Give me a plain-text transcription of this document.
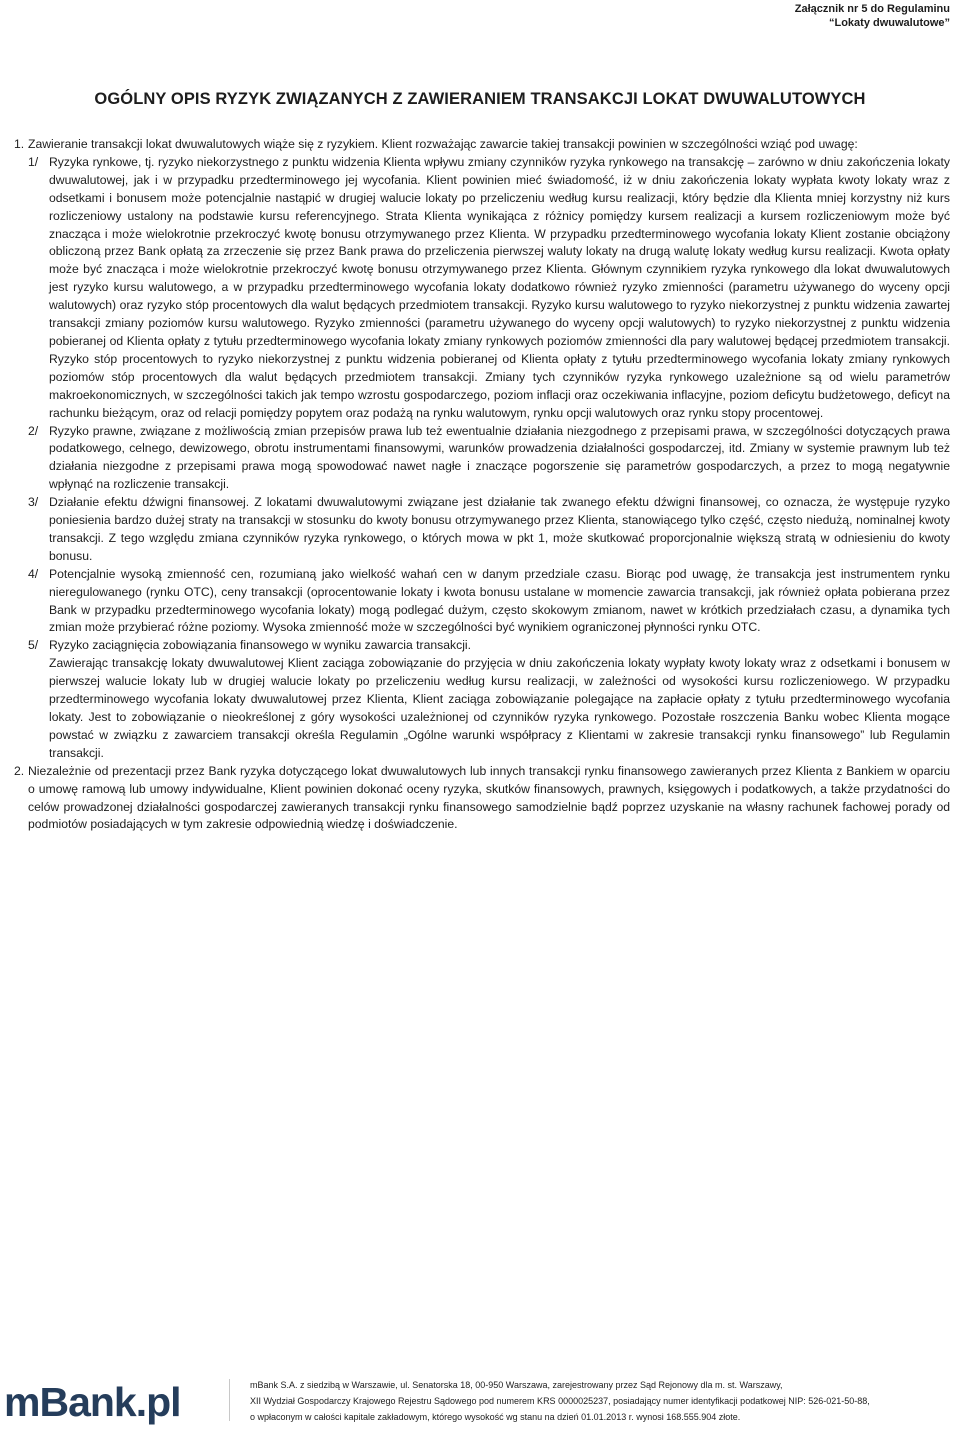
Załącznik nr 5 do Regulaminu
“Lokaty dwuwalutowe”
OGÓLNY OPIS RYZYK ZWIĄZANYCH Z ZAWIERANIEM TRANSAKCJI LOKAT DWUWALUTOWYCH
1. Zawieranie transakcji lokat dwuwalutowych wiąże się z ryzykiem. Klient rozważając zawarcie takiej transakcji powinien w szczególności wziąć pod uwagę:
1/ Ryzyka rynkowe, tj. ryzyko niekorzystnego z punktu widzenia Klienta wpływu zmiany czynników ryzyka rynkowego na transakcję – zarówno w dniu zakończenia lokaty dwuwalutowej, jak i w przypadku przedterminowego jej wycofania. Klient powinien mieć świadomość, iż w dniu zakończenia lokaty wypłata kwoty lokaty wraz z odsetkami i bonusem może potencjalnie nastąpić w drugiej walucie lokaty po przeliczeniu według kursu realizacji, który będzie dla Klienta mniej korzystny niż kurs rozliczeniowy ustalony na podstawie kursu referencyjnego. Strata Klienta wynikająca z różnicy pomiędzy kursem realizacji a kursem rozliczeniowym może być znacząca i może wielokrotnie przekroczyć kwotę bonusu otrzymywanego przez Klienta. W przypadku przedterminowego wycofania lokaty Klient zostanie obciążony obliczoną przez Bank opłatą za zrzeczenie się przez Bank prawa do przeliczenia pierwszej waluty lokaty na drugą walutę lokaty według kursu realizacji. Kwota opłaty może być znacząca i może wielokrotnie przekroczyć kwotę bonusu otrzymywanego przez Klienta. Głównym czynnikiem ryzyka rynkowego dla lokat dwuwalutowych jest ryzyko kursu walutowego, a w przypadku przedterminowego wycofania lokaty dodatkowo również ryzyko zmienności (parametru używanego do wyceny opcji walutowych) oraz ryzyko stóp procentowych dla walut będących przedmiotem transakcji. Ryzyko kursu walutowego to ryzyko niekorzystnej z punktu widzenia zawartej transakcji zmiany poziomów kursu walutowego. Ryzyko zmienności (parametru używanego do wyceny opcji walutowych) to ryzyko niekorzystnej z punktu widzenia pobieranej od Klienta opłaty z tytułu przedterminowego wycofania lokaty zmiany rynkowych poziomów zmienności dla pary walutowej będącej przedmiotem transakcji. Ryzyko stóp procentowych to ryzyko niekorzystnej z punktu widzenia pobieranej od Klienta opłaty z tytułu przedterminowego wycofania lokaty zmiany rynkowych poziomów stóp procentowych dla walut będących przedmiotem transakcji. Zmiany tych czynników ryzyka rynkowego uzależnione są od wielu parametrów makroekonomicznych, w szczególności takich jak tempo wzrostu gospodarczego, poziom inflacji oraz oczekiwania inflacyjne, poziom deficytu budżetowego, deficyt na rachunku bieżącym, oraz od relacji pomiędzy popytem oraz podażą na rynku walutowym, rynku opcji walutowych oraz rynku stopy procentowej.
2/ Ryzyko prawne, związane z możliwością zmian przepisów prawa lub też ewentualnie działania niezgodnego z przepisami prawa, w szczególności dotyczących prawa podatkowego, celnego, dewizowego, obrotu instrumentami finansowymi, warunków prowadzenia działalności gospodarczej, itd. Zmiany w systemie prawnym lub też działania niezgodne z przepisami prawa mogą spowodować nawet nagłe i znaczące pogorszenie się parametrów gospodarczych, a przez to mogą negatywnie wpłynąć na rozliczenie transakcji.
3/ Działanie efektu dźwigni finansowej. Z lokatami dwuwalutowymi związane jest działanie tak zwanego efektu dźwigni finansowej, co oznacza, że występuje ryzyko poniesienia bardzo dużej straty na transakcji w stosunku do kwoty bonusu otrzymywanego przez Klienta, stanowiącego tylko część, często niedużą, nominalnej kwoty transakcji. Z tego względu zmiana czynników ryzyka rynkowego, o których mowa w pkt 1, może skutkować proporcjonalnie większą stratą w odniesieniu do kwoty bonusu.
4/ Potencjalnie wysoką zmienność cen, rozumianą jako wielkość wahań cen w danym przedziale czasu. Biorąc pod uwagę, że transakcja jest instrumentem rynku nieregulowanego (rynku OTC), ceny transakcji (oprocentowanie lokaty i kwota bonusu ustalane w momencie zawarcia transakcji, jak również opłata pobierana przez Bank w przypadku przedterminowego wycofania lokaty) mogą podlegać dużym, często skokowym zmianom, nawet w krótkich przedziałach czasu, a dynamika tych zmian może przybierać różne poziomy. Wysoka zmienność może w szczególności być wynikiem ograniczonej płynności rynku OTC.
5/ Ryzyko zaciągnięcia zobowiązania finansowego w wyniku zawarcia transakcji.
Zawierając transakcję lokaty dwuwalutowej Klient zaciąga zobowiązanie do przyjęcia w dniu zakończenia lokaty wypłaty kwoty lokaty wraz z odsetkami i bonusem w pierwszej walucie lokaty lub w drugiej walucie lokaty po przeliczeniu według kursu realizacji, w zależności od wysokości kursu rozliczeniowego. W przypadku przedterminowego wycofania lokaty dwuwalutowej przez Klienta, Klient zaciąga zobowiązanie polegające na zapłacie opłaty z tytułu przedterminowego wycofania lokaty. Jest to zobowiązanie o nieokreślonej z góry wysokości uzależnionej od czynników ryzyka rynkowego. Pozostałe roszczenia Banku wobec Klienta mogące powstać w związku z zawarciem transakcji określa Regulamin „Ogólne warunki współpracy z Klientami w zakresie transakcji rynku finansowego” lub Regulamin transakcji.
2. Niezależnie od prezentacji przez Bank ryzyka dotyczącego lokat dwuwalutowych lub innych transakcji rynku finansowego zawieranych przez Klienta z Bankiem w oparciu o umowę ramową lub umowy indywidualne, Klient powinien dokonać oceny ryzyka, skutków finansowych, prawnych, księgowych i podatkowych, a także przydatności do celów prowadzonej działalności gospodarczej zawieranych transakcji rynku finansowego samodzielnie bądź poprzez uzyskanie na własny rachunek fachowej porady od podmiotów posiadających w tym zakresie odpowiednią wiedzę i doświadczenie.
mBank.pl	mBank S.A. z siedzibą w Warszawie, ul. Senatorska 18, 00-950 Warszawa, zarejestrowany przez Sąd Rejonowy dla m. st. Warszawy,
XII Wydział Gospodarczy Krajowego Rejestru Sądowego pod numerem KRS 0000025237, posiadający numer identyfikacji podatkowej NIP: 526-021-50-88,
o wpłaconym w całości kapitale zakładowym, którego wysokość wg stanu na dzień 01.01.2013 r. wynosi 168.555.904 złote.
